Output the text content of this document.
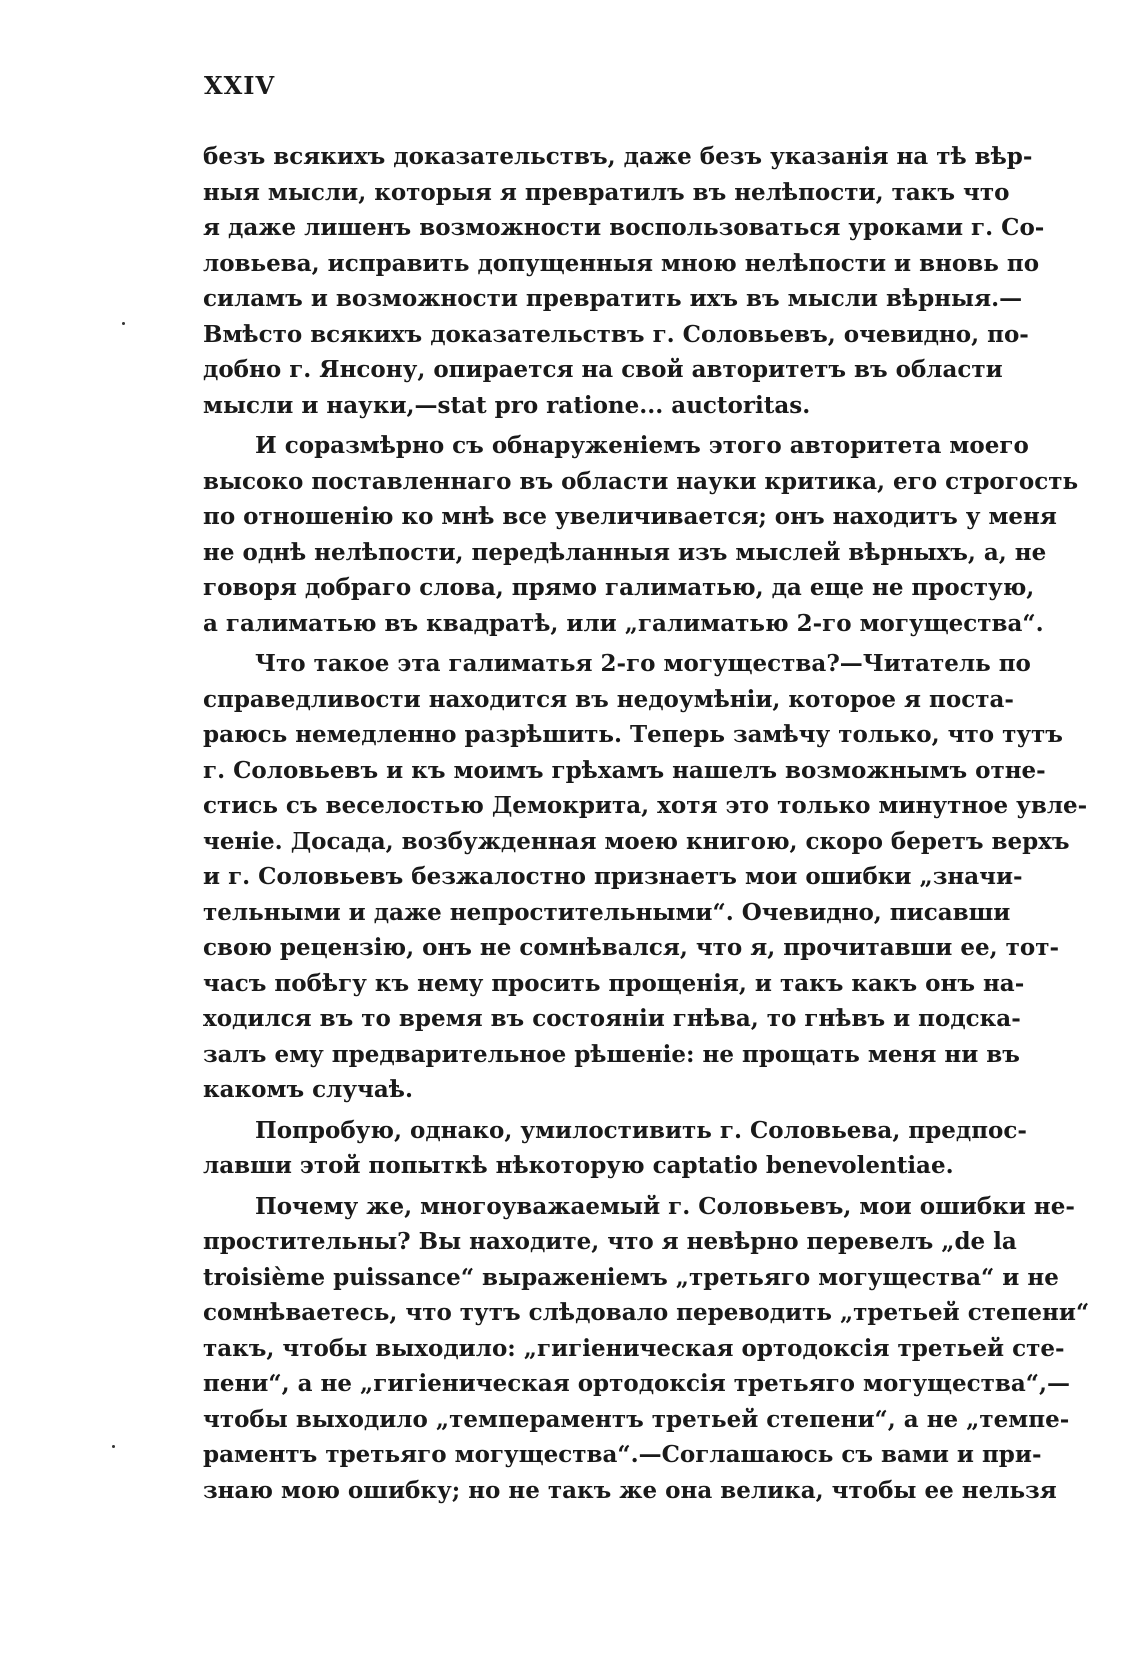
XXIV
безъ всякихъ доказательствъ, даже безъ указанія на тѣ вѣр-
ныя мысли, которыя я превратилъ въ нелѣпости, такъ что
я даже лишенъ возможности воспользоваться уроками г. Со-
ловьева, исправить допущенныя мною нелѣпости и вновь по
силамъ и возможности превратить ихъ въ мысли вѣрныя.—
Вмѣсто всякихъ доказательствъ г. Соловьевъ, очевидно, по-
добно г. Янсону, опирается на свой авторитетъ въ области
мысли и науки,—stat pro ratione... auctoritas.
И соразмѣрно съ обнаруженіемъ этого авторитета моего
высоко поставленнаго въ области науки критика, его строгость
по отношенію ко мнѣ все увеличивается; онъ находитъ у меня
не однѣ нелѣпости, передѣланныя изъ мыслей вѣрныхъ, а, не
говоря добраго слова, прямо галиматью, да еще не простую,
а галиматью въ квадратѣ, или „галиматью 2-го могущества“.
Что такое эта галиматья 2-го могущества?—Читатель по
справедливости находится въ недоумѣніи, которое я поста-
раюсь немедленно разрѣшить. Теперь замѣчу только, что тутъ
г. Соловьевъ и къ моимъ грѣхамъ нашелъ возможнымъ отне-
стись съ веселостью Демокрита, хотя это только минутное увле-
ченіе. Досада, возбужденная моею книгою, скоро беретъ верхъ
и г. Соловьевъ безжалостно признаетъ мои ошибки „значи-
тельными и даже непростительными“. Очевидно, писавши
свою рецензію, онъ не сомнѣвался, что я, прочитавши ее, тот-
часъ побѣгу къ нему просить прощенія, и такъ какъ онъ на-
ходился въ то время въ состояніи гнѣва, то гнѣвъ и подска-
залъ ему предварительное рѣшеніе: не прощать меня ни въ
какомъ случаѣ.
Попробую, однако, умилостивить г. Соловьева, предпос-
лавши этой попыткѣ нѣкоторую captatio benevolentiae.
Почему же, многоуважаемый г. Соловьевъ, мои ошибки не-
простительны? Вы находите, что я невѣрно перевелъ „de la
troisième puissance“ выраженіемъ „третьяго могущества“ и не
сомнѣваетесь, что тутъ слѣдовало переводить „третьей степени“
такъ, чтобы выходило: „гигіеническая ортодоксія третьей сте-
пени“, а не „гигіеническая ортодоксія третьяго могущества“,—
чтобы выходило „темпераментъ третьей степени“, а не „темпе-
раментъ третьяго могущества“.—Соглашаюсь съ вами и при-
знаю мою ошибку; но не такъ же она велика, чтобы ее нельзя
